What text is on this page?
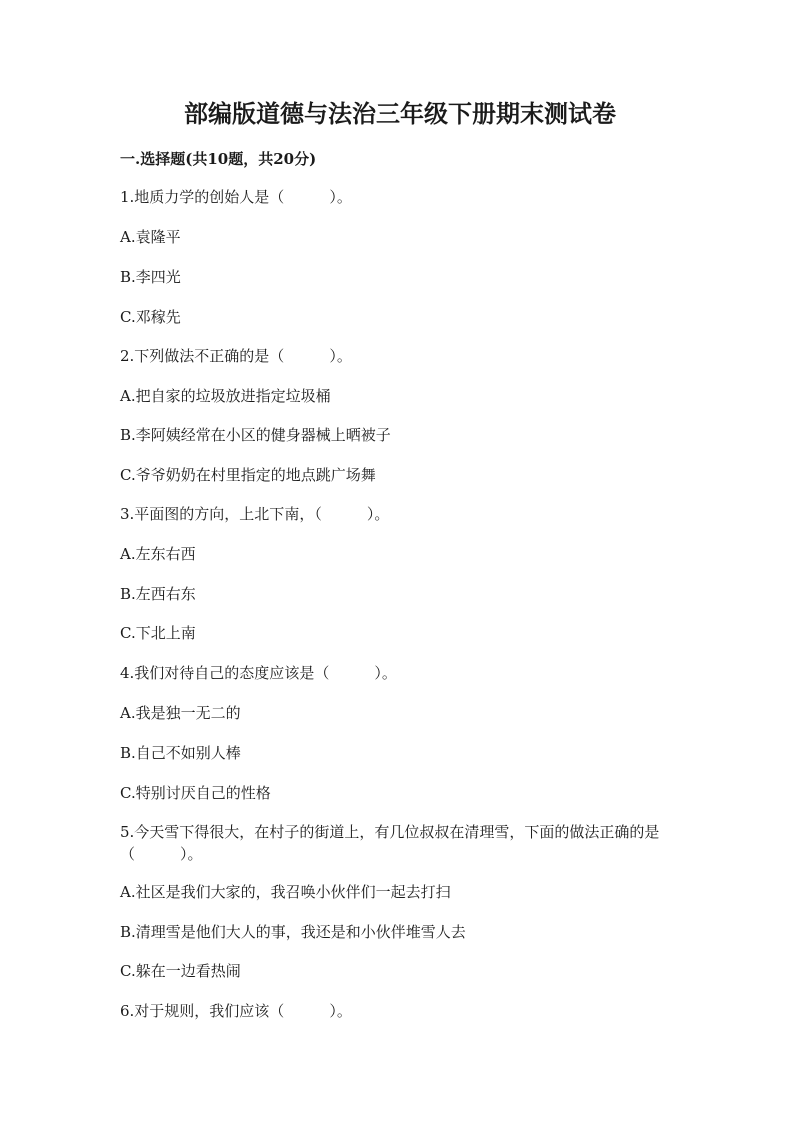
部编版道德与法治三年级下册期末测试卷
一.选择题(共10题，共20分)
1.地质力学的创始人是（　　　）。
A.袁隆平
B.李四光
C.邓稼先
2.下列做法不正确的是（　　　）。
A.把自家的垃圾放进指定垃圾桶
B.李阿姨经常在小区的健身器械上晒被子
C.爷爷奶奶在村里指定的地点跳广场舞
3.平面图的方向，上北下南，（　　　）。
A.左东右西
B.左西右东
C.下北上南
4.我们对待自己的态度应该是（　　　）。
A.我是独一无二的
B.自己不如别人棒
C.特别讨厌自己的性格
5.今天雪下得很大，在村子的街道上，有几位叔叔在清理雪，下面的做法正确的是（　　　）。
A.社区是我们大家的，我召唤小伙伴们一起去打扫
B.清理雪是他们大人的事，我还是和小伙伴堆雪人去
C.躲在一边看热闹
6.对于规则，我们应该（　　　）。
